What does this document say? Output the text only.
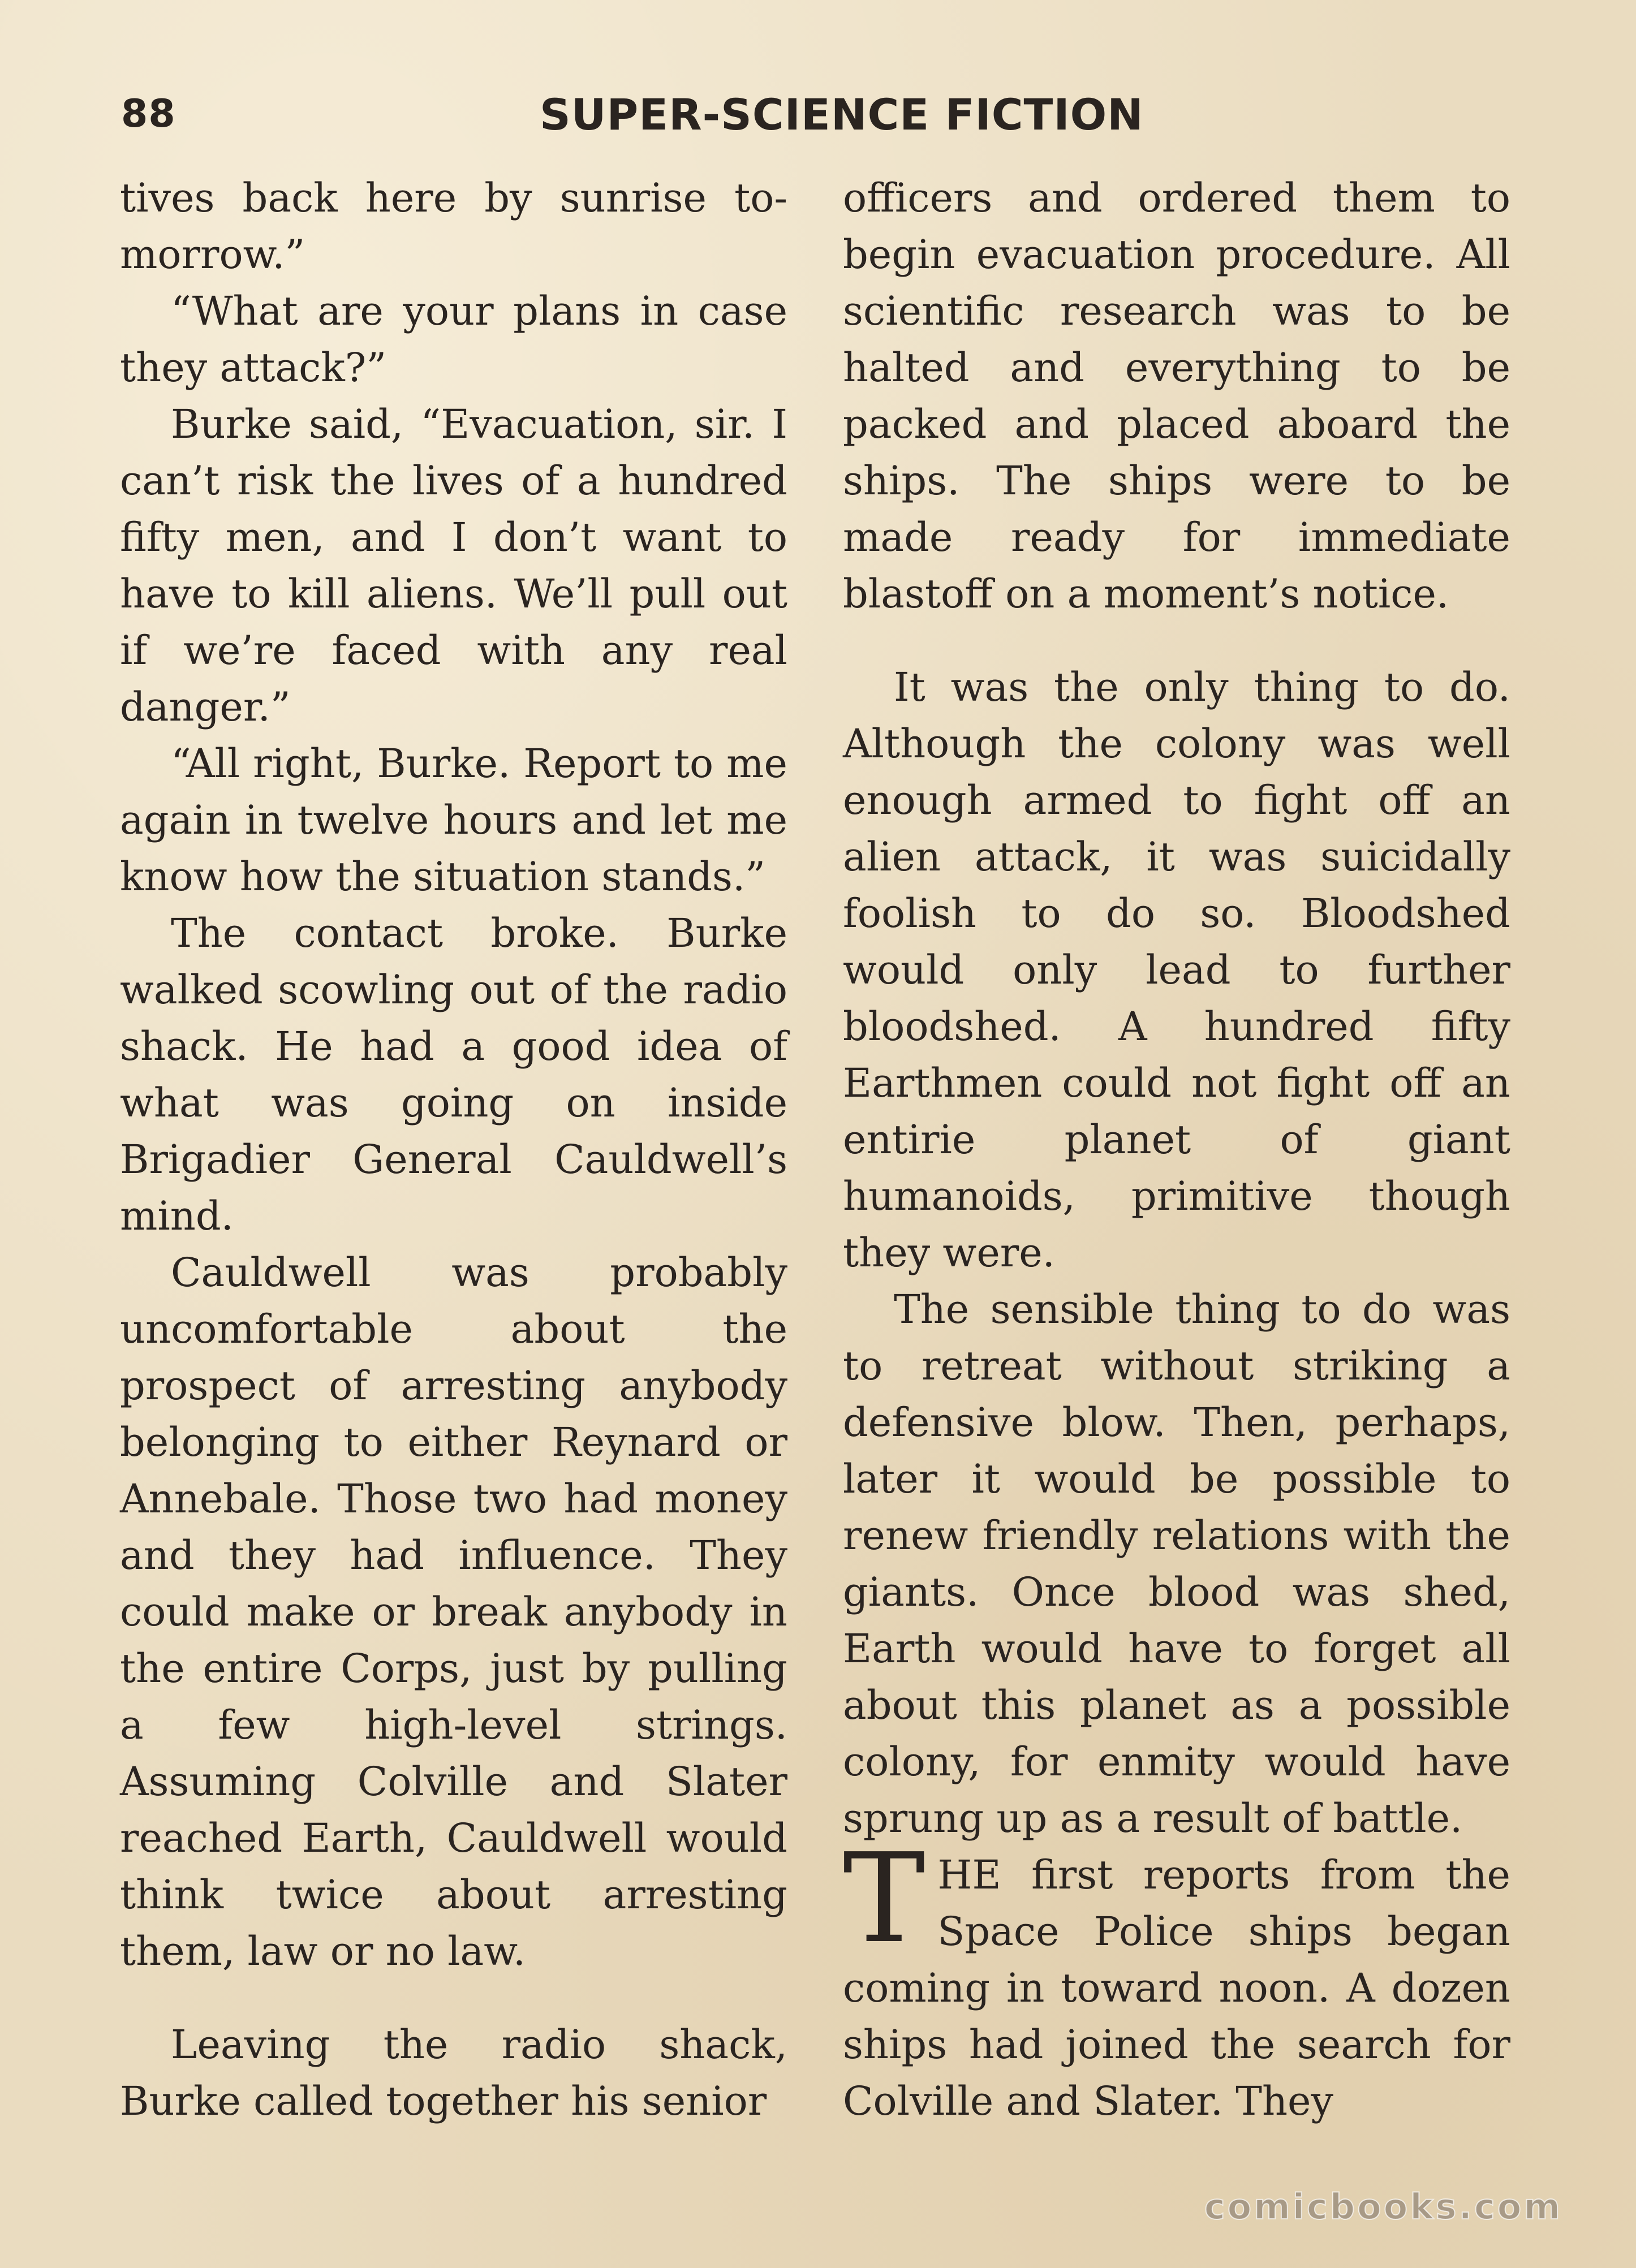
88	SUPER-SCIENCE FICTION

tives back here by sunrise to-morrow.”

“What are your plans in case they attack?”

Burke said, “Evacuation, sir. I can’t risk the lives of a hundred fifty men, and I don’t want to have to kill aliens. We’ll pull out if we’re faced with any real danger.”

“All right, Burke. Report to me again in twelve hours and let me know how the situation stands.”

The contact broke. Burke walked scowling out of the radio shack. He had a good idea of what was going on inside Brigadier General Cauldwell’s mind.

Cauldwell was probably uncomfortable about the prospect of arresting anybody belonging to either Reynard or Annebale. Those two had money and they had influence. They could make or break anybody in the entire Corps, just by pulling a few high-level strings. Assuming Colville and Slater reached Earth, Cauldwell would think twice about arresting them, law or no law.

Leaving the radio shack, Burke called together his senior

officers and ordered them to begin evacuation procedure. All scientific research was to be halted and everything to be packed and placed aboard the ships. The ships were to be made ready for immediate blastoff on a moment’s notice.

It was the only thing to do. Although the colony was well enough armed to fight off an alien attack, it was suicidally foolish to do so. Bloodshed would only lead to further bloodshed. A hundred fifty Earthmen could not fight off an entirie planet of giant humanoids, primitive though they were.

The sensible thing to do was to retreat without striking a defensive blow. Then, perhaps, later it would be possible to renew friendly relations with the giants. Once blood was shed, Earth would have to forget all about this planet as a possible colony, for enmity would have sprung up as a result of battle.

THE first reports from the Space Police ships began coming in toward noon. A dozen ships had joined the search for Colville and Slater. They

comicbooks.com
